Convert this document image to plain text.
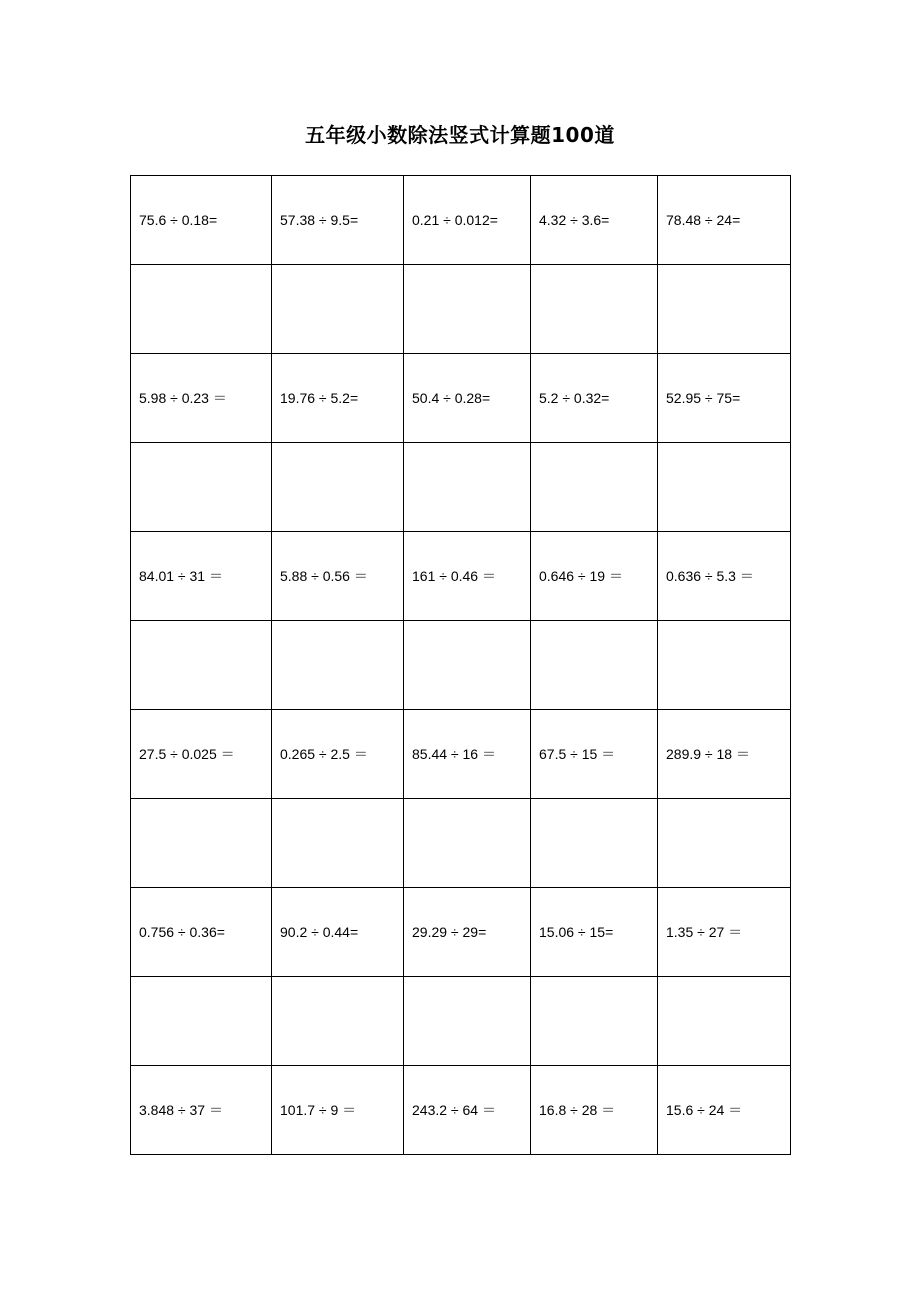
五年级小数除法竖式计算题100道
75.6 ÷ 0.18=	57.38 ÷ 9.5=	0.21 ÷ 0.012=	4.32 ÷ 3.6=	78.48 ÷ 24=

5.98 ÷ 0.23 ＝	19.76 ÷ 5.2=	50.4 ÷ 0.28=	5.2 ÷ 0.32=	52.95 ÷ 75=

84.01 ÷ 31 ＝	5.88 ÷ 0.56 ＝	161 ÷ 0.46 ＝	0.646 ÷ 19 ＝	0.636 ÷ 5.3 ＝

27.5 ÷ 0.025 ＝	0.265 ÷ 2.5 ＝	85.44 ÷ 16 ＝	67.5 ÷ 15 ＝	289.9 ÷ 18 ＝

0.756 ÷ 0.36=	90.2 ÷ 0.44=	29.29 ÷ 29=	15.06 ÷ 15=	1.35 ÷ 27 ＝

3.848 ÷ 37 ＝	101.7 ÷ 9 ＝	243.2 ÷ 64 ＝	16.8 ÷ 28 ＝	15.6 ÷ 24 ＝
